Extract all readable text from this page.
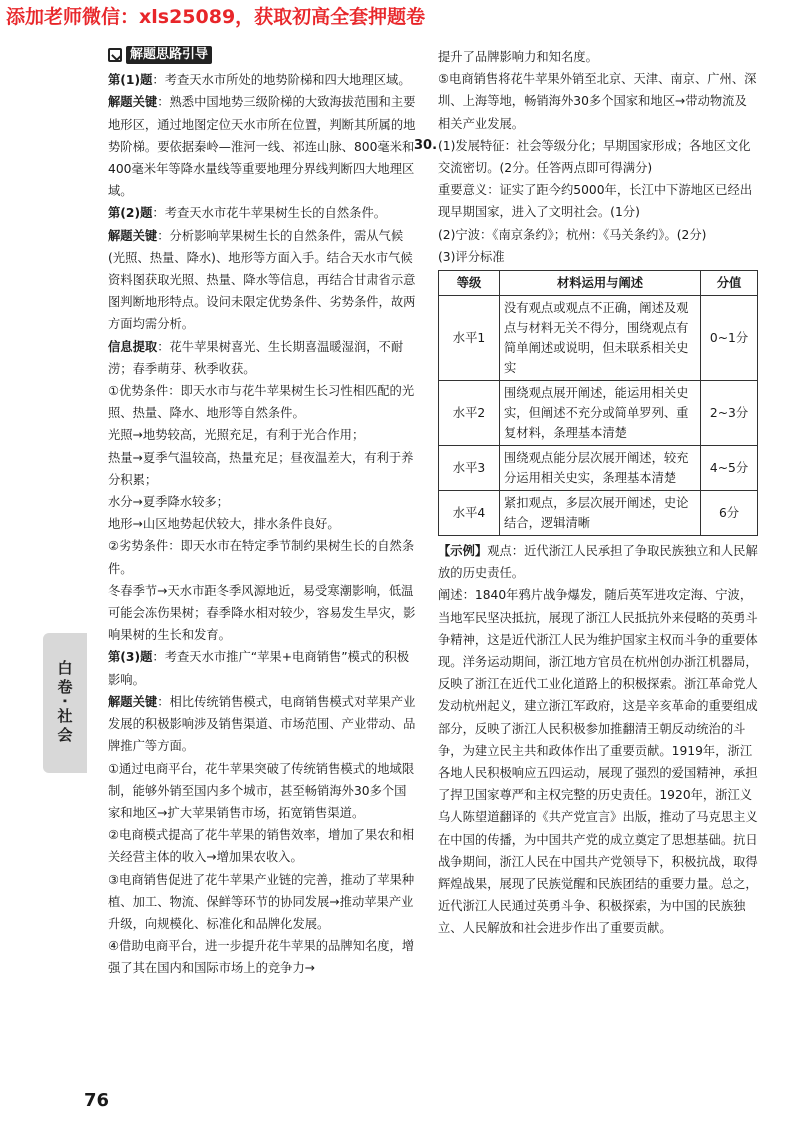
添加老师微信：xls25089，获取初高全套押题卷
解题思路引导

第(1)题：考查天水市所处的地势阶梯和四大地理区域。

解题关键：熟悉中国地势三级阶梯的大致海拔范围和主要地形区，通过地图定位天水市所在位置，判断其所属的地势阶梯。要依据秦岭—淮河一线、祁连山脉、800毫米和400毫米年等降水量线等重要地理分界线判断四大地理区域。

第(2)题：考查天水市花牛苹果树生长的自然条件。

解题关键：分析影响苹果树生长的自然条件，需从气候(光照、热量、降水)、地形等方面入手。结合天水市气候资料图获取光照、热量、降水等信息，再结合甘肃省示意图判断地形特点。设问未限定优势条件、劣势条件，故两方面均需分析。

信息提取：花牛苹果树喜光、生长期喜温暖湿润，不耐涝；春季萌芽、秋季收获。

①优势条件：即天水市与花牛苹果树生长习性相匹配的光照、热量、降水、地形等自然条件。

光照→地势较高，光照充足，有利于光合作用；

热量→夏季气温较高，热量充足；昼夜温差大，有利于养分积累；

水分→夏季降水较多；

地形→山区地势起伏较大，排水条件良好。

②劣势条件：即天水市在特定季节制约果树生长的自然条件。

冬春季节→天水市距冬季风源地近，易受寒潮影响，低温可能会冻伤果树；春季降水相对较少，容易发生旱灾，影响果树的生长和发育。

第(3)题：考查天水市推广“苹果+电商销售”模式的积极影响。

解题关键：相比传统销售模式，电商销售模式对苹果产业发展的积极影响涉及销售渠道、市场范围、产业带动、品牌推广等方面。

①通过电商平台，花牛苹果突破了传统销售模式的地域限制，能够外销至国内多个城市，甚至畅销海外30多个国家和地区→扩大苹果销售市场，拓宽销售渠道。

②电商模式提高了花牛苹果的销售效率，增加了果农和相关经营主体的收入→增加果农收入。

③电商销售促进了花牛苹果产业链的完善，推动了苹果种植、加工、物流、保鲜等环节的协同发展→推动苹果产业升级，向规模化、标准化和品牌化发展。

④借助电商平台，进一步提升花牛苹果的品牌知名度，增强了其在国内和国际市场上的竞争力→

提升了品牌影响力和知名度。

⑤电商销售将花牛苹果外销至北京、天津、南京、广州、深圳、上海等地，畅销海外30多个国家和地区→带动物流及相关产业发展。

30. (1)发展特征：社会等级分化；早期国家形成；各地区文化交流密切。(2分。任答两点即可得满分)

重要意义：证实了距今约5000年，长江中下游地区已经出现早期国家，进入了文明社会。(1分)

(2)宁波：《南京条约》；杭州：《马关条约》。(2分)

(3)评分标准

等级	材料运用与阐述	分值
水平1	没有观点或观点不正确，阐述及观点与材料无关不得分，围绕观点有简单阐述或说明，但未联系相关史实	0~1分
水平2	围绕观点展开阐述，能运用相关史实，但阐述不充分或简单罗列、重复材料，条理基本清楚	2~3分
水平3	围绕观点能分层次展开阐述，较充分运用相关史实，条理基本清楚	4~5分
水平4	紧扣观点，多层次展开阐述，史论结合，逻辑清晰	6分

【示例】观点：近代浙江人民承担了争取民族独立和人民解放的历史责任。

阐述：1840年鸦片战争爆发，随后英军进攻定海、宁波，当地军民坚决抵抗，展现了浙江人民抵抗外来侵略的英勇斗争精神，这是近代浙江人民为维护国家主权而斗争的重要体现。洋务运动期间，浙江地方官员在杭州创办浙江机器局，反映了浙江在近代工业化道路上的积极探索。浙江革命党人发动杭州起义，建立浙江军政府，这是辛亥革命的重要组成部分，反映了浙江人民积极参加推翻清王朝反动统治的斗争，为建立民主共和政体作出了重要贡献。1919年，浙江各地人民积极响应五四运动，展现了强烈的爱国精神，承担了捍卫国家尊严和主权完整的历史责任。1920年，浙江义乌人陈望道翻译的《共产党宣言》出版，推动了马克思主义在中国的传播，为中国共产党的成立奠定了思想基础。抗日战争期间，浙江人民在中国共产党领导下，积极抗战，取得辉煌战果，展现了民族觉醒和民族团结的重要力量。总之，近代浙江人民通过英勇斗争、积极探索，为中国的民族独立、人民解放和社会进步作出了重要贡献。

白卷·社会
76
